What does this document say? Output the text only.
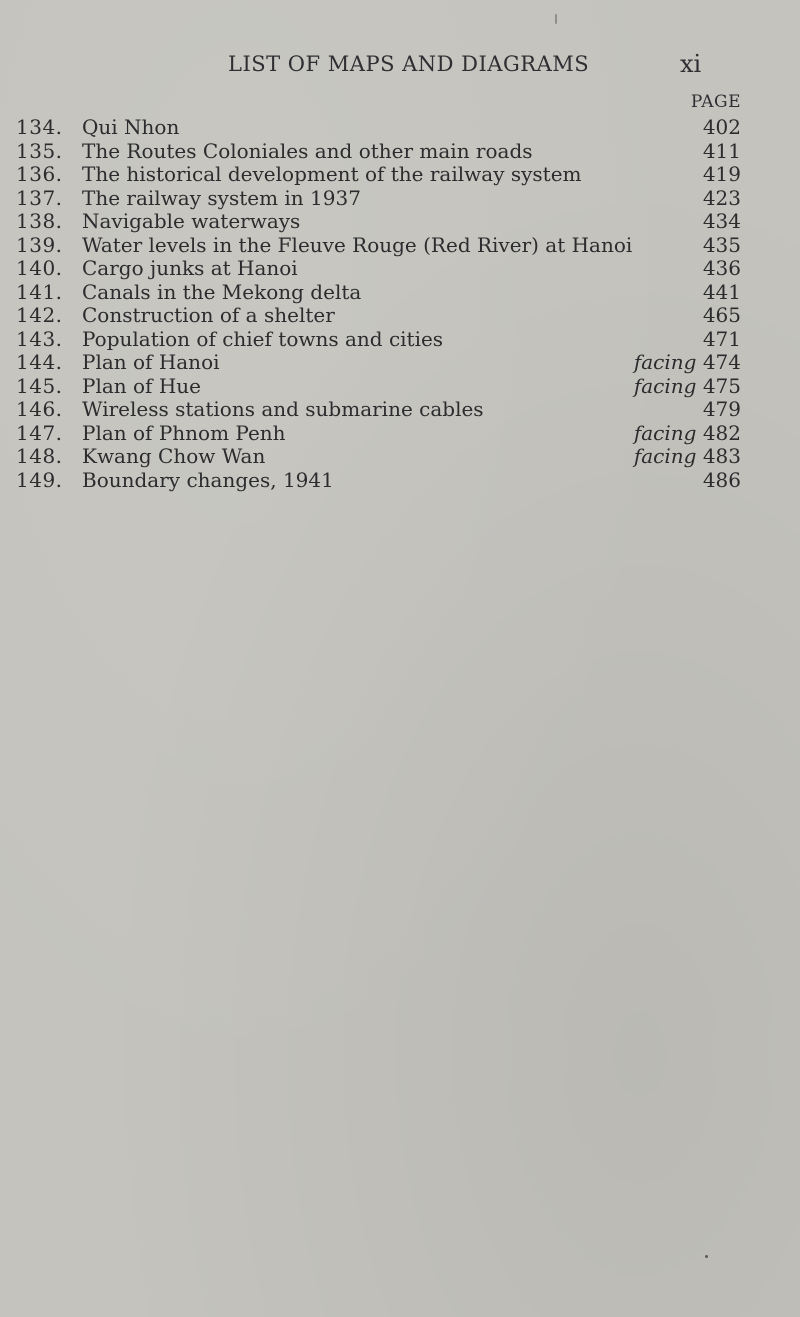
LIST OF MAPS AND DIAGRAMS	xi
PAGE
134. Qui Nhon	402
135. The Routes Coloniales and other main roads	411
136. The historical development of the railway system	419
137. The railway system in 1937	423
138. Navigable waterways	434
139. Water levels in the Fleuve Rouge (Red River) at Hanoi	435
140. Cargo junks at Hanoi	436
141. Canals in the Mekong delta	441
142. Construction of a shelter	465
143. Population of chief towns and cities	471
144. Plan of Hanoi	facing 474
145. Plan of Hue	facing 475
146. Wireless stations and submarine cables	479
147. Plan of Phnom Penh	facing 482
148. Kwang Chow Wan	facing 483
149. Boundary changes, 1941	486
